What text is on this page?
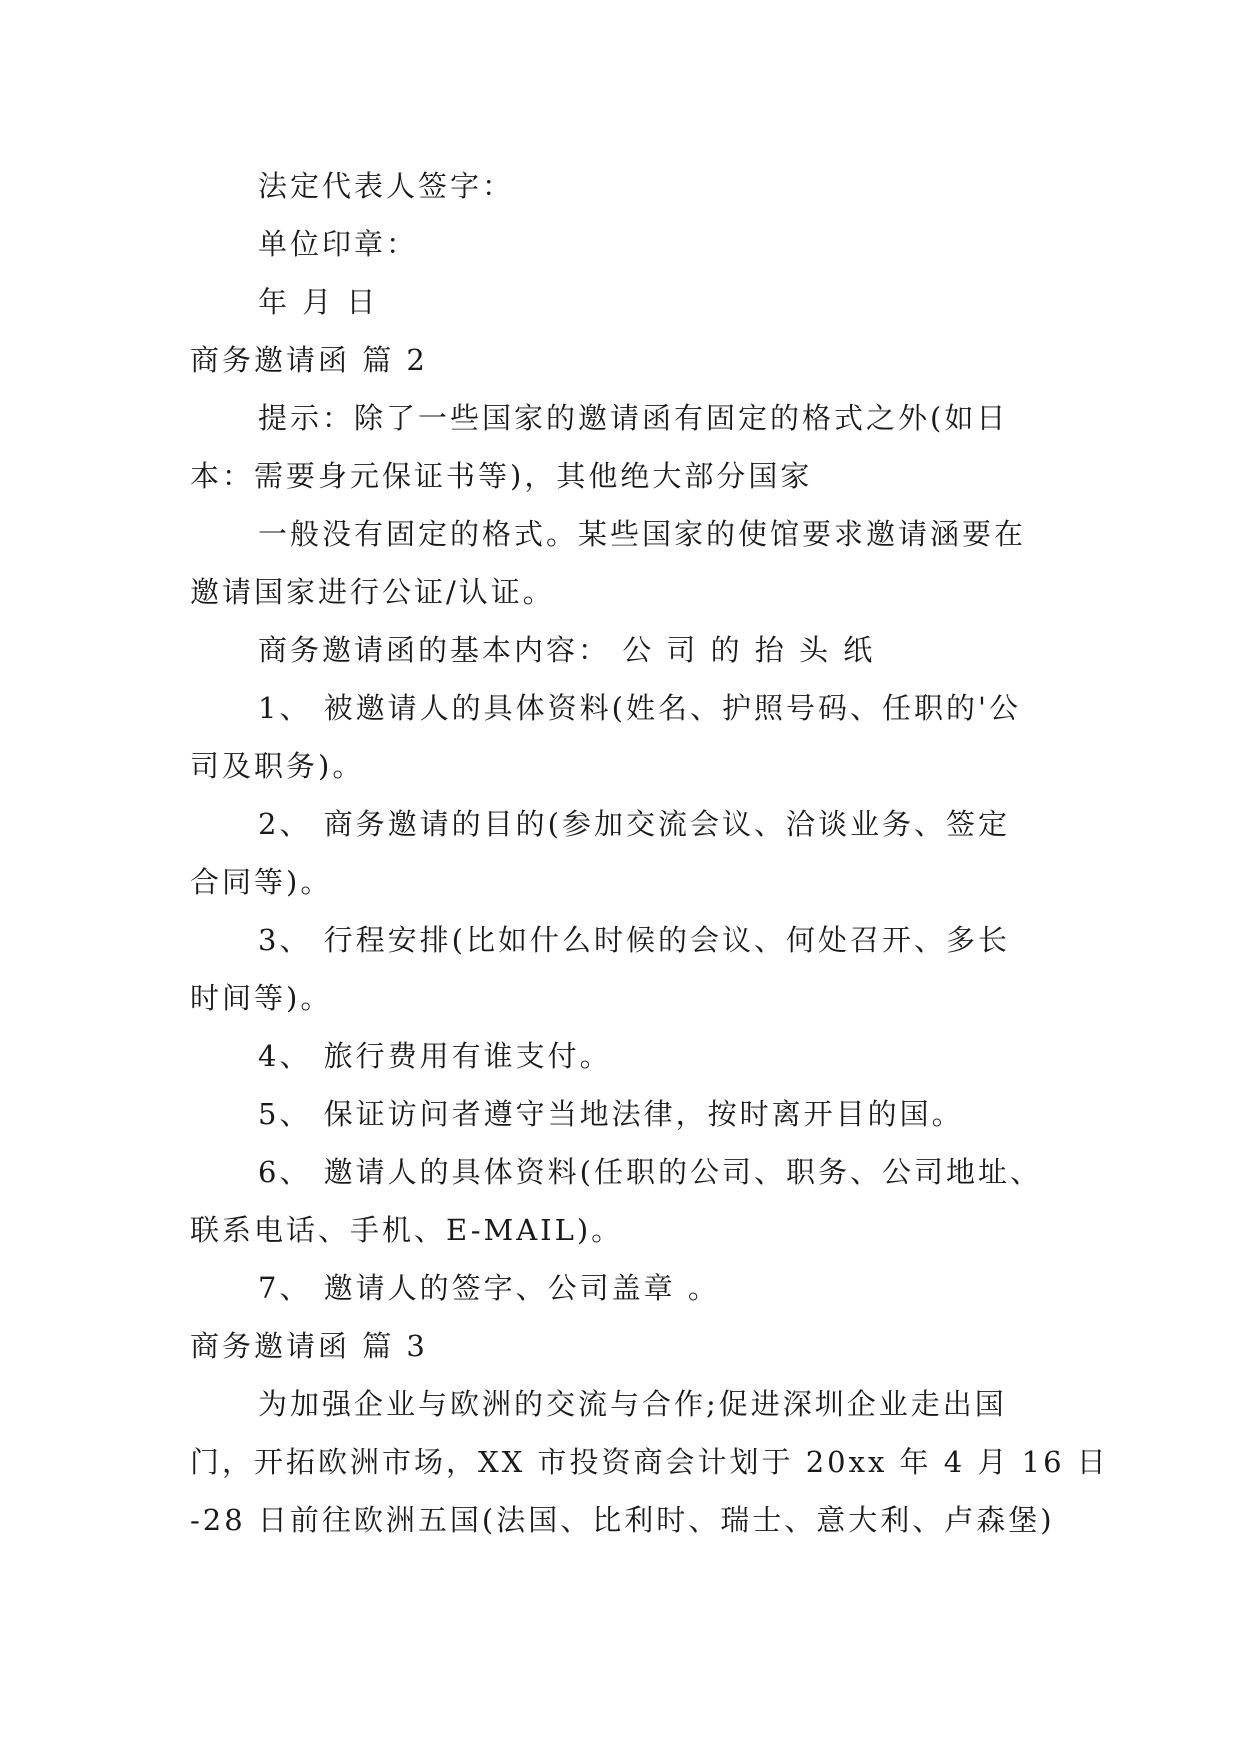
法定代表人签字：
单位印章：
年 月 日
商务邀请函 篇 2
提示：除了一些国家的邀请函有固定的格式之外(如日
本：需要身元保证书等)，其他绝大部分国家
一般没有固定的格式。某些国家的使馆要求邀请涵要在
邀请国家进行公证/认证。
商务邀请函的基本内容： 公 司 的 抬 头 纸
1、 被邀请人的具体资料(姓名、护照号码、任职的'公
司及职务)。
2、 商务邀请的目的(参加交流会议、洽谈业务、签定
合同等)。
3、 行程安排(比如什么时候的会议、何处召开、多长
时间等)。
4、 旅行费用有谁支付。
5、 保证访问者遵守当地法律，按时离开目的国。
6、 邀请人的具体资料(任职的公司、职务、公司地址、
联系电话、手机、E-MAIL)。
7、 邀请人的签字、公司盖章 。
商务邀请函 篇 3
为加强企业与欧洲的交流与合作;促进深圳企业走出国
门，开拓欧洲市场，XX 市投资商会计划于 20xx 年 4 月 16 日
-28 日前往欧洲五国(法国、比利时、瑞士、意大利、卢森堡)
